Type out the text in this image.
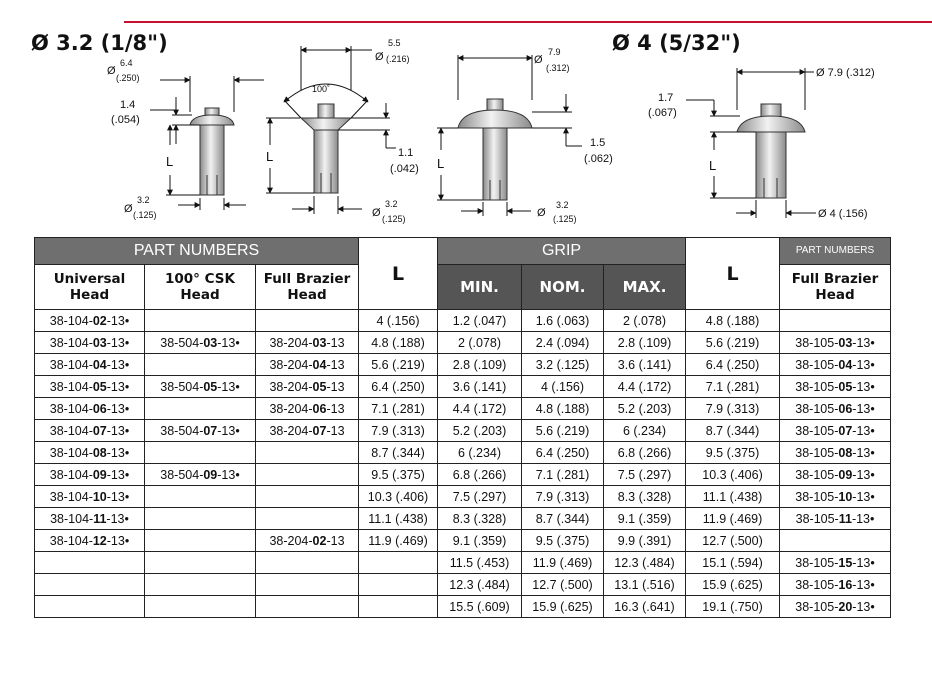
Ø 3.2 (1/8")	Ø 4 (5/32")
Ø
6.4
(.250)
1.4
(.054)
L
Ø
3.2
(.125)
Ø
5.5
(.216)
100˚
1.1
(.042)
L
Ø
3.2
(.125)
Ø
7.9
(.312)
1.5
(.062)
L
Ø
3.2
(.125)
Ø 7.9 (.312)
1.7
(.067)
L
Ø 4 (.156)
PART NUMBERS			L	GRIP			L	PART NUMBERS
Universal Head	100° CSK Head	Full Brazier Head		MIN.	NOM.	MAX.		Full Brazier Head
38-104-02-13•			4 (.156)	1.2 (.047)	1.6 (.063)	2 (.078)	4.8 (.188)	
38-104-03-13•	38-504-03-13•	38-204-03-13	4.8 (.188)	2 (.078)	2.4 (.094)	2.8 (.109)	5.6 (.219)	38-105-03-13•
38-104-04-13•		38-204-04-13	5.6 (.219)	2.8 (.109)	3.2 (.125)	3.6 (.141)	6.4 (.250)	38-105-04-13•
38-104-05-13•	38-504-05-13•	38-204-05-13	6.4 (.250)	3.6 (.141)	4 (.156)	4.4 (.172)	7.1 (.281)	38-105-05-13•
38-104-06-13•		38-204-06-13	7.1 (.281)	4.4 (.172)	4.8 (.188)	5.2 (.203)	7.9 (.313)	38-105-06-13•
38-104-07-13•	38-504-07-13•	38-204-07-13	7.9 (.313)	5.2 (.203)	5.6 (.219)	6 (.234)	8.7 (.344)	38-105-07-13•
38-104-08-13•			8.7 (.344)	6 (.234)	6.4 (.250)	6.8 (.266)	9.5 (.375)	38-105-08-13•
38-104-09-13•	38-504-09-13•		9.5 (.375)	6.8 (.266)	7.1 (.281)	7.5 (.297)	10.3 (.406)	38-105-09-13•
38-104-10-13•			10.3 (.406)	7.5 (.297)	7.9 (.313)	8.3 (.328)	11.1 (.438)	38-105-10-13•
38-104-11-13•			11.1 (.438)	8.3 (.328)	8.7 (.344)	9.1 (.359)	11.9 (.469)	38-105-11-13•
38-104-12-13•		38-204-02-13	11.9 (.469)	9.1 (.359)	9.5 (.375)	9.9 (.391)	12.7 (.500)	
				11.5 (.453)	11.9 (.469)	12.3 (.484)	15.1 (.594)	38-105-15-13•
				12.3 (.484)	12.7 (.500)	13.1 (.516)	15.9 (.625)	38-105-16-13•
				15.5 (.609)	15.9 (.625)	16.3 (.641)	19.1 (.750)	38-105-20-13•
